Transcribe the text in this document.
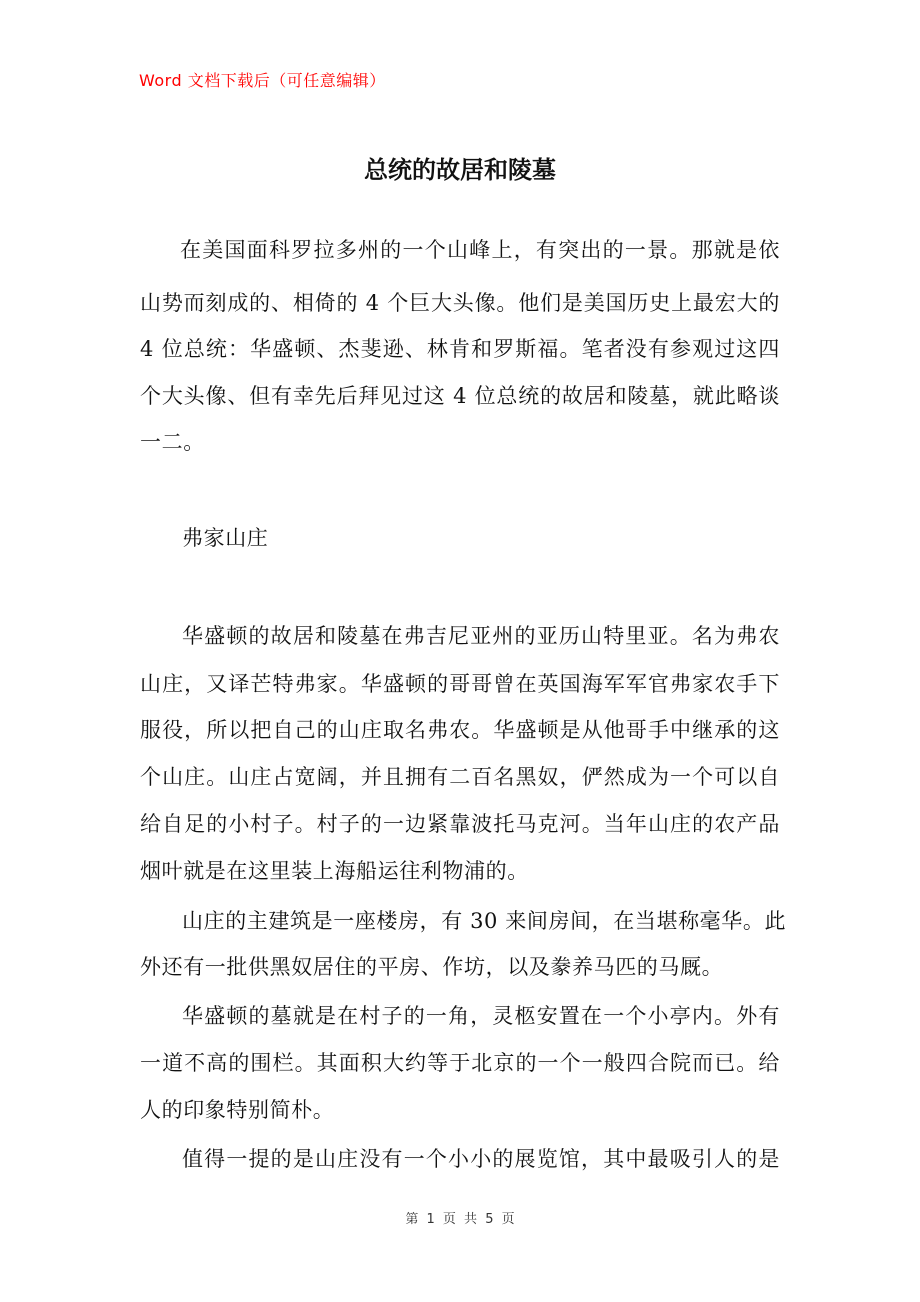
Word 文档下载后（可任意编辑）
总统的故居和陵墓
在美国面科罗拉多州的一个山峰上，有突出的一景。那就是依
山势而刻成的、相倚的 4 个巨大头像。他们是美国历史上最宏大的
4 位总统：华盛顿、杰斐逊、林肯和罗斯福。笔者没有参观过这四
个大头像、但有幸先后拜见过这 4 位总统的故居和陵墓，就此略谈
一二。
弗家山庄
华盛顿的故居和陵墓在弗吉尼亚州的亚历山特里亚。名为弗农
山庄，又译芒特弗家。华盛顿的哥哥曾在英国海军军官弗家农手下
服役，所以把自己的山庄取名弗农。华盛顿是从他哥手中继承的这
个山庄。山庄占宽阔，并且拥有二百名黑奴，俨然成为一个可以自
给自足的小村子。村子的一边紧靠波托马克河。当年山庄的农产品
烟叶就是在这里装上海船运往利物浦的。
山庄的主建筑是一座楼房，有 30 来间房间，在当堪称毫华。此
外还有一批供黑奴居住的平房、作坊，以及豢养马匹的马厩。
华盛顿的墓就是在村子的一角，灵柩安置在一个小亭内。外有
一道不高的围栏。其面积大约等于北京的一个一般四合院而已。给
人的印象特别简朴。
值得一提的是山庄没有一个小小的展览馆，其中最吸引人的是
第 1 页 共 5 页
